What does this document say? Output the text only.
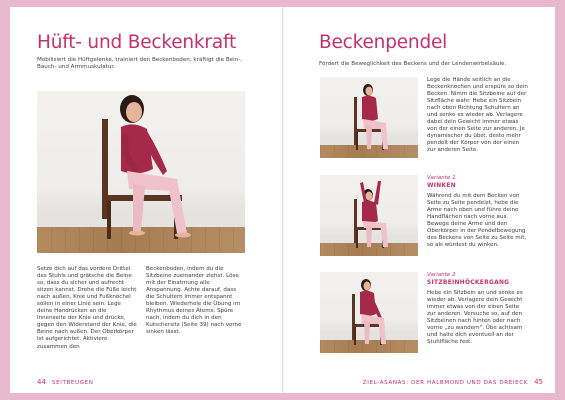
Hüft- und Beckenkraft

Mobilisiert die Hüftgelenke, trainiert den Beckenboden, kräftigt die Bein-, Bauch- und Armmuskulatur.

Setze dich auf das vordere Drittel des Stuhls und grätsche die Beine so, dass du sicher und aufrecht sitzen kannst. Drehe die Füße leicht nach außen. Knie und Fußknöchel sollen in einer Linie sein. Lege deine Handrücken an die Innenseite der Knie und drücke, gegen den Widerstand der Knie, die Beine nach außen. Der Oberkörper ist aufgerichtet. Aktiviere zusammen den

Beckenboden, indem du die Sitzbeine zueinander ziehst. Löse mit der Einatmung alle Anspannung. Achte darauf, dass die Schultern immer entspannt bleiben. Wiederhole die Übung im Rhythmus deines Atems. Spüre nach, indem du dich in den Kutschersitz (Seite 39) nach vorne sinken lässt.

44 SEITBEUGEN
Beckenpendel

Fördert die Beweglichkeit des Beckens und der Lendenwirbelsäule.

Lege die Hände seitlich an die Beckenknochen und erspüre so dein Becken. Nimm die Sitzbeine auf der Sitzfläche wahr. Hebe ein Sitzbein nach oben Richtung Schultern an und senke es wieder ab. Verlagere dabei dein Gewicht immer etwas von der einen Seite zur anderen. Je dynamischer du übst, desto mehr pendelt der Körper von der einen zur anderen Seite.

Variante 1

WINKEN

Während du mit dem Becken von Seite zu Seite pendelst, hebe die Arme nach oben und führe deine Handflächen nach vorne aus. Bewege deine Arme und den Oberkörper in der Pendelbewegung des Beckens von Seite zu Seite mit, so als würdest du winken.

Variante 2

SITZBEINHÖCKERGANG

Hebe ein Sitzbein an und senke es wieder ab. Verlagere dein Gewicht immer etwas von der einen Seite zur anderen. Versuche so, auf den Sitzbeinen nach hinten oder nach vorne „zu wandern". Übe achtsam und halte dich eventuell an der Stuhlfläche fest.

ZIEL-ASANAS: DER HALBMOND UND DAS DREIECK 45
